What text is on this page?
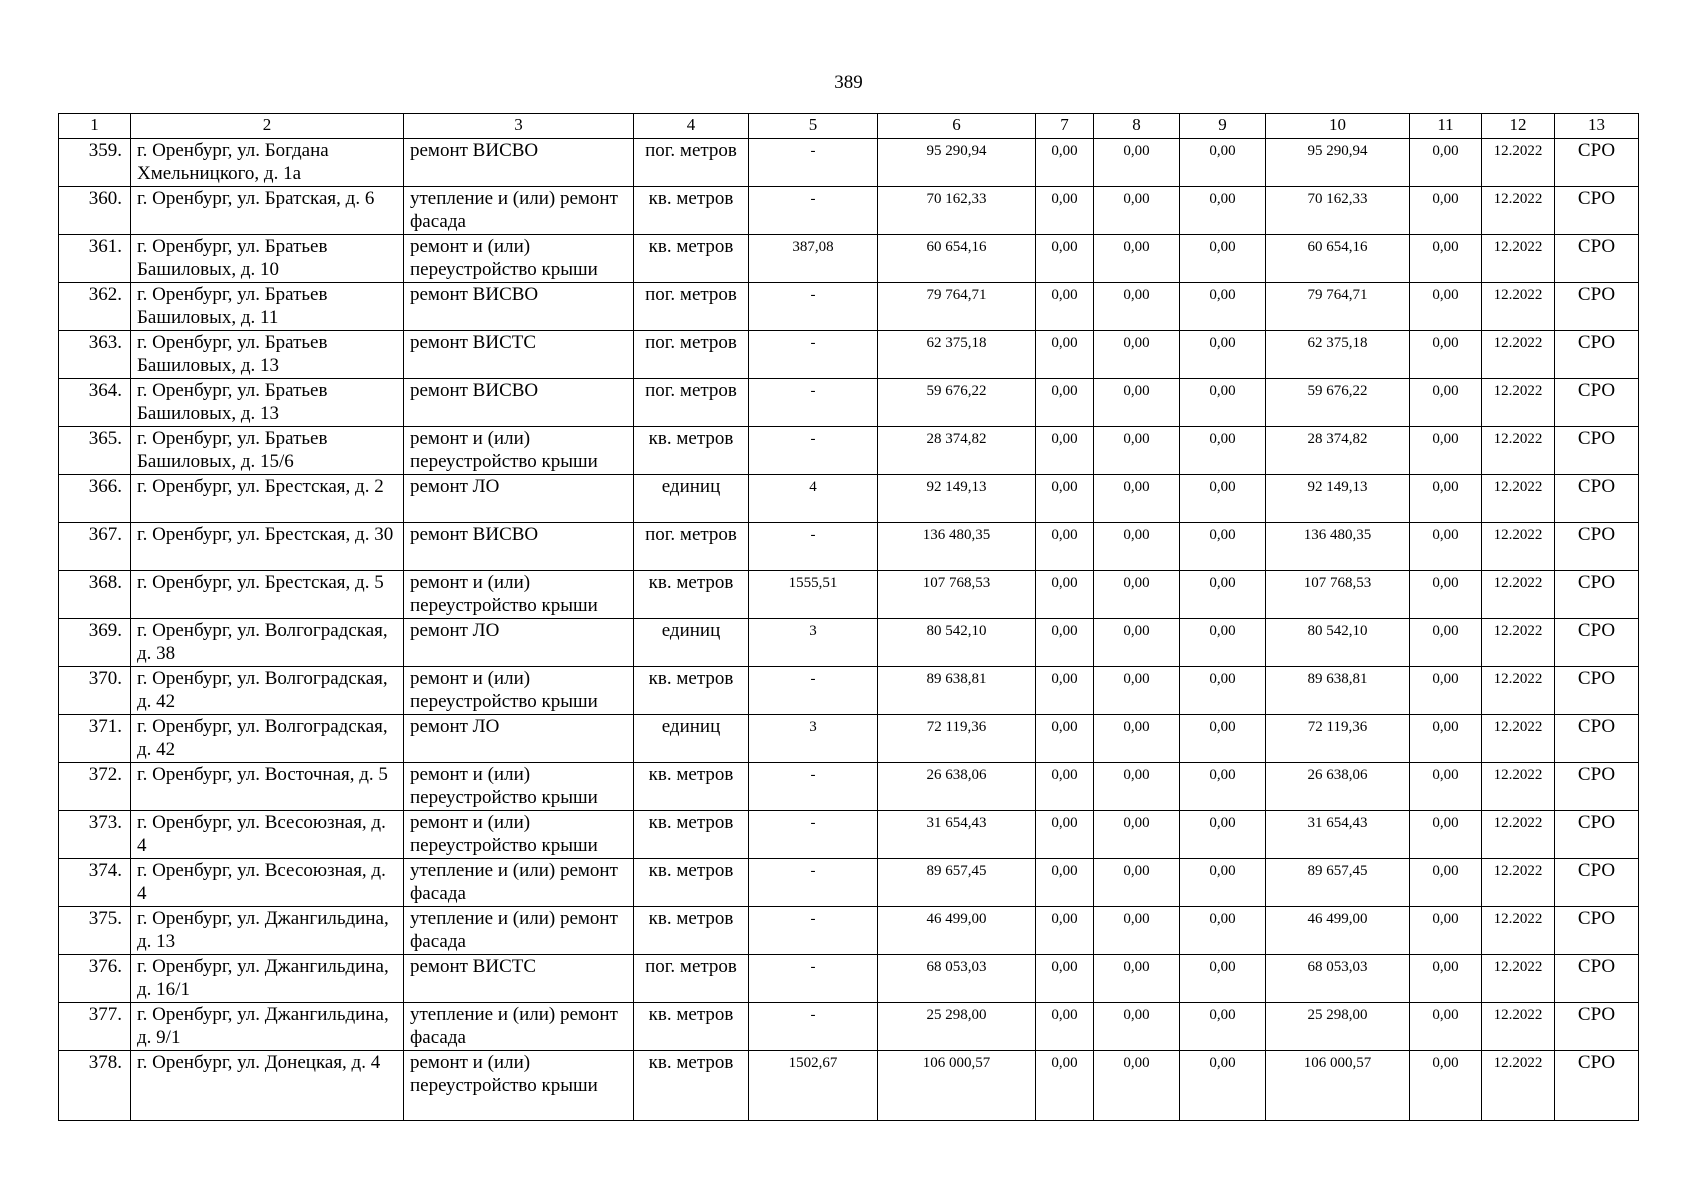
389
1	2	3	4	5	6	7	8	9	10	11	12	13
359.	г. Оренбург, ул. Богдана Хмельницкого, д. 1а	ремонт ВИСВО	пог. метров	-	95 290,94	0,00	0,00	0,00	95 290,94	0,00	12.2022	СРО
360.	г. Оренбург, ул. Братская, д. 6	утепление и (или) ремонт фасада	кв. метров	-	70 162,33	0,00	0,00	0,00	70 162,33	0,00	12.2022	СРО
361.	г. Оренбург, ул. Братьев Башиловых, д. 10	ремонт и (или) переустройство крыши	кв. метров	387,08	60 654,16	0,00	0,00	0,00	60 654,16	0,00	12.2022	СРО
362.	г. Оренбург, ул. Братьев Башиловых, д. 11	ремонт ВИСВО	пог. метров	-	79 764,71	0,00	0,00	0,00	79 764,71	0,00	12.2022	СРО
363.	г. Оренбург, ул. Братьев Башиловых, д. 13	ремонт ВИСТС	пог. метров	-	62 375,18	0,00	0,00	0,00	62 375,18	0,00	12.2022	СРО
364.	г. Оренбург, ул. Братьев Башиловых, д. 13	ремонт ВИСВО	пог. метров	-	59 676,22	0,00	0,00	0,00	59 676,22	0,00	12.2022	СРО
365.	г. Оренбург, ул. Братьев Башиловых, д. 15/6	ремонт и (или) переустройство крыши	кв. метров	-	28 374,82	0,00	0,00	0,00	28 374,82	0,00	12.2022	СРО
366.	г. Оренбург, ул. Брестская, д. 2	ремонт ЛО	единиц	4	92 149,13	0,00	0,00	0,00	92 149,13	0,00	12.2022	СРО
367.	г. Оренбург, ул. Брестская, д. 30	ремонт ВИСВО	пог. метров	-	136 480,35	0,00	0,00	0,00	136 480,35	0,00	12.2022	СРО
368.	г. Оренбург, ул. Брестская, д. 5	ремонт и (или) переустройство крыши	кв. метров	1555,51	107 768,53	0,00	0,00	0,00	107 768,53	0,00	12.2022	СРО
369.	г. Оренбург, ул. Волгоградская, д. 38	ремонт ЛО	единиц	3	80 542,10	0,00	0,00	0,00	80 542,10	0,00	12.2022	СРО
370.	г. Оренбург, ул. Волгоградская, д. 42	ремонт и (или) переустройство крыши	кв. метров	-	89 638,81	0,00	0,00	0,00	89 638,81	0,00	12.2022	СРО
371.	г. Оренбург, ул. Волгоградская, д. 42	ремонт ЛО	единиц	3	72 119,36	0,00	0,00	0,00	72 119,36	0,00	12.2022	СРО
372.	г. Оренбург, ул. Восточная, д. 5	ремонт и (или) переустройство крыши	кв. метров	-	26 638,06	0,00	0,00	0,00	26 638,06	0,00	12.2022	СРО
373.	г. Оренбург, ул. Всесоюзная, д. 4	ремонт и (или) переустройство крыши	кв. метров	-	31 654,43	0,00	0,00	0,00	31 654,43	0,00	12.2022	СРО
374.	г. Оренбург, ул. Всесоюзная, д. 4	утепление и (или) ремонт фасада	кв. метров	-	89 657,45	0,00	0,00	0,00	89 657,45	0,00	12.2022	СРО
375.	г. Оренбург, ул. Джангильдина, д. 13	утепление и (или) ремонт фасада	кв. метров	-	46 499,00	0,00	0,00	0,00	46 499,00	0,00	12.2022	СРО
376.	г. Оренбург, ул. Джангильдина, д. 16/1	ремонт ВИСТС	пог. метров	-	68 053,03	0,00	0,00	0,00	68 053,03	0,00	12.2022	СРО
377.	г. Оренбург, ул. Джангильдина, д. 9/1	утепление и (или) ремонт фасада	кв. метров	-	25 298,00	0,00	0,00	0,00	25 298,00	0,00	12.2022	СРО
378.	г. Оренбург, ул. Донецкая, д. 4	ремонт и (или) переустройство крыши	кв. метров	1502,67	106 000,57	0,00	0,00	0,00	106 000,57	0,00	12.2022	СРО
